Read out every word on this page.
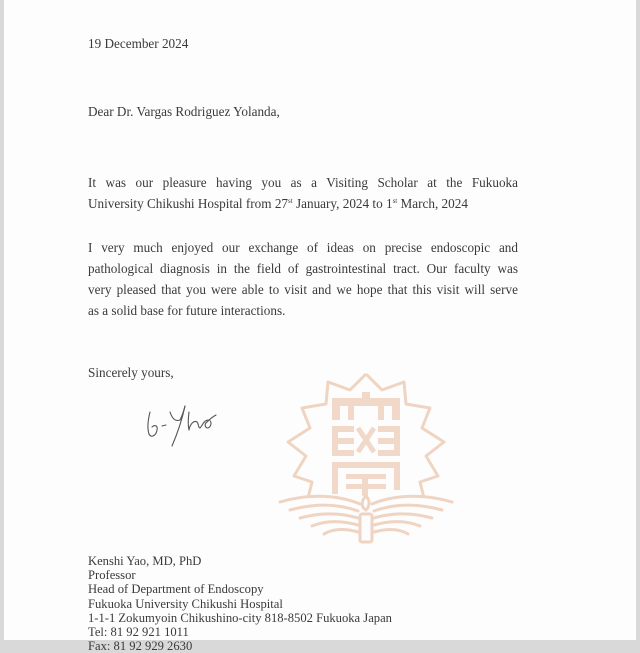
19 December 2024
Dear Dr. Vargas Rodriguez Yolanda,
It was our pleasure having you as a Visiting Scholar at the Fukuoka
University Chikushi Hospital from 27st January, 2024 to 1st March, 2024
I very much enjoyed our exchange of ideas on precise endoscopic and
pathological diagnosis in the field of gastrointestinal tract. Our faculty was
very pleased that you were able to visit and we hope that this visit will serve
as a solid base for future interactions.
Sincerely yours,
Kenshi Yao, MD, PhD
Professor
Head of Department of Endoscopy
Fukuoka University Chikushi Hospital
1-1-1 Zokumyoin Chikushino-city 818-8502 Fukuoka Japan
Tel: 81 92 921 1011
Fax: 81 92 929 2630
